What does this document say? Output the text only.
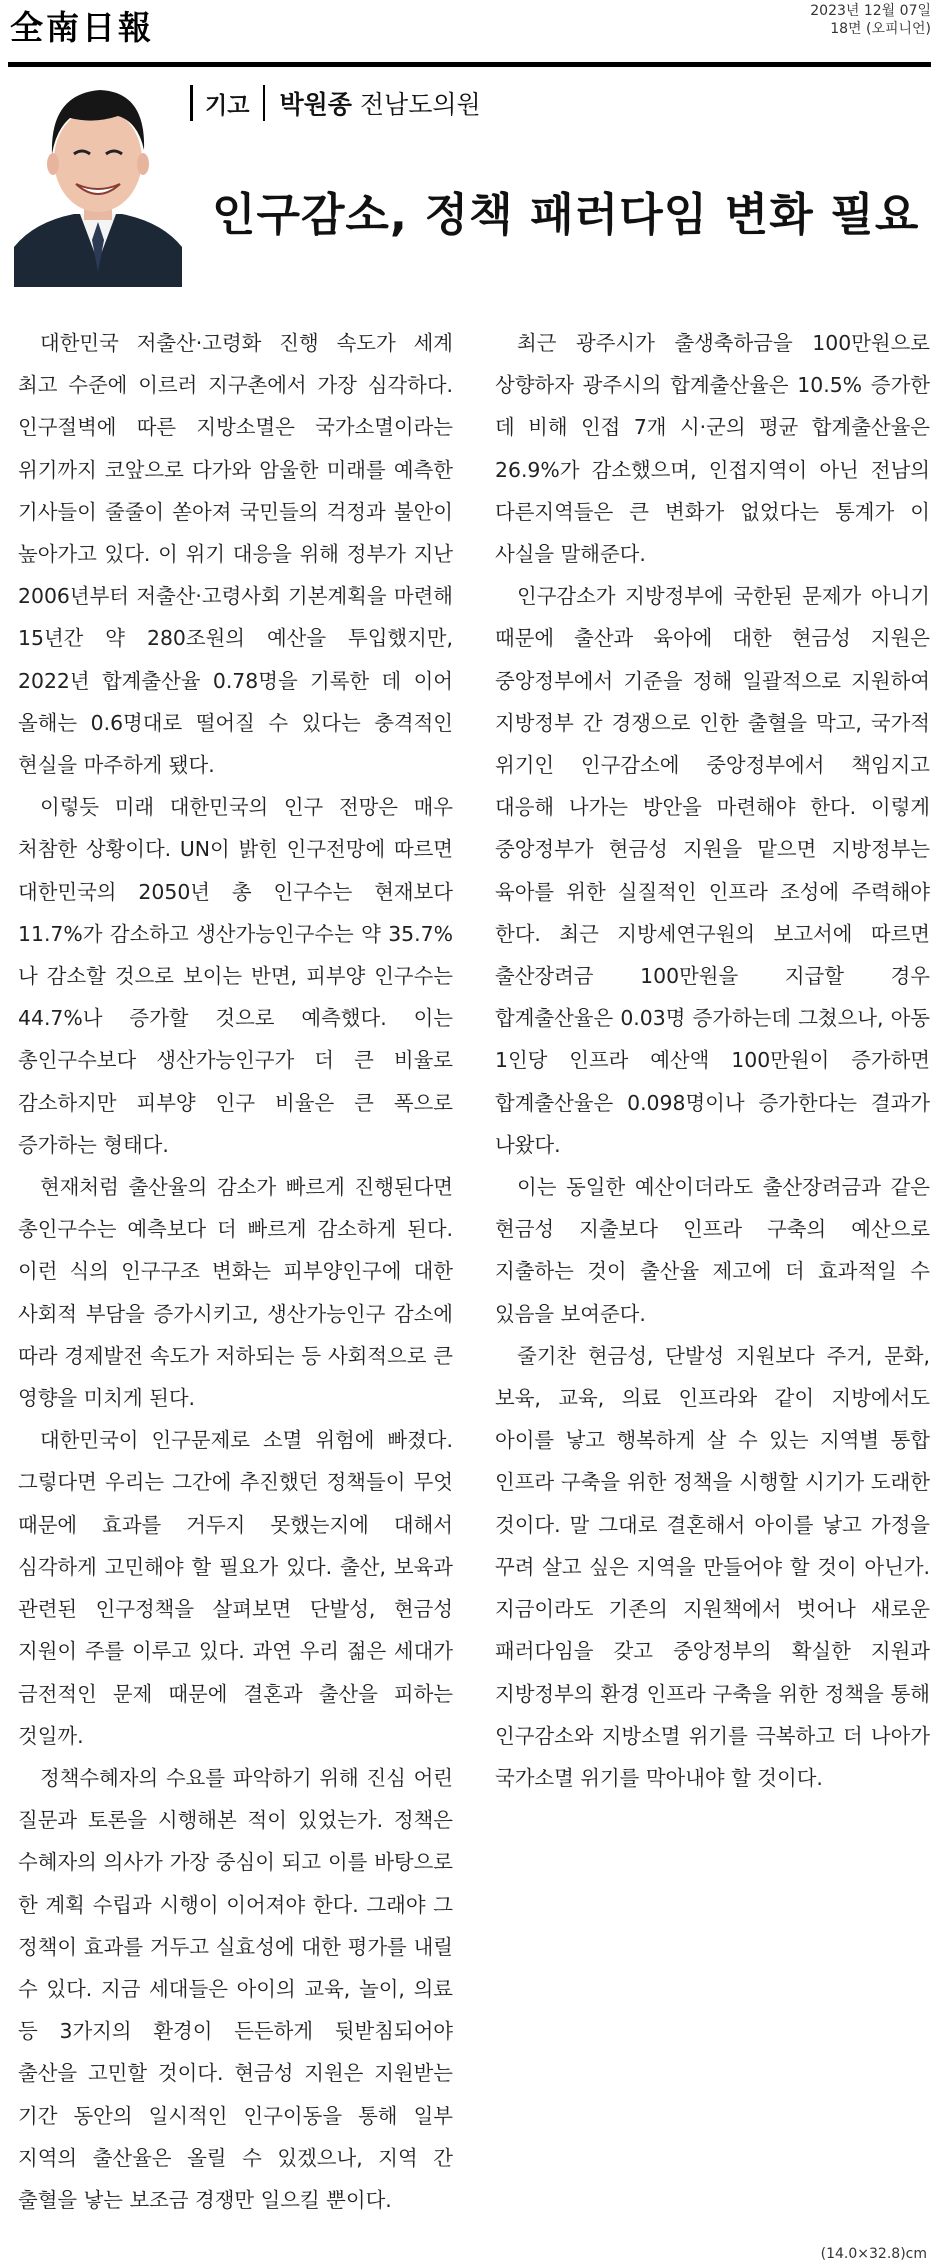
全南日報	2023년 12월 07일
18면 (오피니언)
기고 박원종 전남도의원
인구감소, 정책 패러다임 변화 필요

대한민국 저출산·고령화 진행 속도가 세계 최고 수준에 이르러 지구촌에서 가장 심각하다. 인구절벽에 따른 지방소멸은 국가소멸이라는 위기까지 코앞으로 다가와 암울한 미래를 예측한 기사들이 줄줄이 쏟아져 국민들의 걱정과 불안이 높아가고 있다. 이 위기 대응을 위해 정부가 지난 2006년부터 저출산·고령사회 기본계획을 마련해 15년간 약 280조원의 예산을 투입했지만, 2022년 합계출산율 0.78명을 기록한 데 이어 올해는 0.6명대로 떨어질 수 있다는 충격적인 현실을 마주하게 됐다.

이렇듯 미래 대한민국의 인구 전망은 매우 처참한 상황이다. UN이 밝힌 인구전망에 따르면 대한민국의 2050년 총 인구수는 현재보다 11.7%가 감소하고 생산가능인구수는 약 35.7%나 감소할 것으로 보이는 반면, 피부양 인구수는 44.7%나 증가할 것으로 예측했다. 이는 총인구수보다 생산가능인구가 더 큰 비율로 감소하지만 피부양 인구 비율은 큰 폭으로 증가하는 형태다.

현재처럼 출산율의 감소가 빠르게 진행된다면 총인구수는 예측보다 더 빠르게 감소하게 된다. 이런 식의 인구구조 변화는 피부양인구에 대한 사회적 부담을 증가시키고, 생산가능인구 감소에 따라 경제발전 속도가 저하되는 등 사회적으로 큰 영향을 미치게 된다.

대한민국이 인구문제로 소멸 위험에 빠졌다. 그렇다면 우리는 그간에 추진했던 정책들이 무엇 때문에 효과를 거두지 못했는지에 대해서 심각하게 고민해야 할 필요가 있다. 출산, 보육과 관련된 인구정책을 살펴보면 단발성, 현금성 지원이 주를 이루고 있다. 과연 우리 젊은 세대가 금전적인 문제 때문에 결혼과 출산을 피하는 것일까.

정책수혜자의 수요를 파악하기 위해 진심 어린 질문과 토론을 시행해본 적이 있었는가. 정책은 수혜자의 의사가 가장 중심이 되고 이를 바탕으로 한 계획 수립과 시행이 이어져야 한다. 그래야 그 정책이 효과를 거두고 실효성에 대한 평가를 내릴 수 있다. 지금 세대들은 아이의 교육, 놀이, 의료 등 3가지의 환경이 든든하게 뒷받침되어야 출산을 고민할 것이다. 현금성 지원은 지원받는 기간 동안의 일시적인 인구이동을 통해 일부 지역의 출산율은 올릴 수 있겠으나, 지역 간 출혈을 낳는 보조금 경쟁만 일으킬 뿐이다.

최근 광주시가 출생축하금을 100만원으로 상향하자 광주시의 합계출산율은 10.5% 증가한 데 비해 인접 7개 시·군의 평균 합계출산율은 26.9%가 감소했으며, 인접지역이 아닌 전남의 다른지역들은 큰 변화가 없었다는 통계가 이 사실을 말해준다.

인구감소가 지방정부에 국한된 문제가 아니기 때문에 출산과 육아에 대한 현금성 지원은 중앙정부에서 기준을 정해 일괄적으로 지원하여 지방정부 간 경쟁으로 인한 출혈을 막고, 국가적 위기인 인구감소에 중앙정부에서 책임지고 대응해 나가는 방안을 마련해야 한다. 이렇게 중앙정부가 현금성 지원을 맡으면 지방정부는 육아를 위한 실질적인 인프라 조성에 주력해야 한다. 최근 지방세연구원의 보고서에 따르면 출산장려금 100만원을 지급할 경우 합계출산율은 0.03명 증가하는데 그쳤으나, 아동 1인당 인프라 예산액 100만원이 증가하면 합계출산율은 0.098명이나 증가한다는 결과가 나왔다.

이는 동일한 예산이더라도 출산장려금과 같은 현금성 지출보다 인프라 구축의 예산으로 지출하는 것이 출산율 제고에 더 효과적일 수 있음을 보여준다.

줄기찬 현금성, 단발성 지원보다 주거, 문화, 보육, 교육, 의료 인프라와 같이 지방에서도 아이를 낳고 행복하게 살 수 있는 지역별 통합 인프라 구축을 위한 정책을 시행할 시기가 도래한 것이다. 말 그대로 결혼해서 아이를 낳고 가정을 꾸려 살고 싶은 지역을 만들어야 할 것이 아닌가. 지금이라도 기존의 지원책에서 벗어나 새로운 패러다임을 갖고 중앙정부의 확실한 지원과 지방정부의 환경 인프라 구축을 위한 정책을 통해 인구감소와 지방소멸 위기를 극복하고 더 나아가 국가소멸 위기를 막아내야 할 것이다.

(14.0×32.8)cm
